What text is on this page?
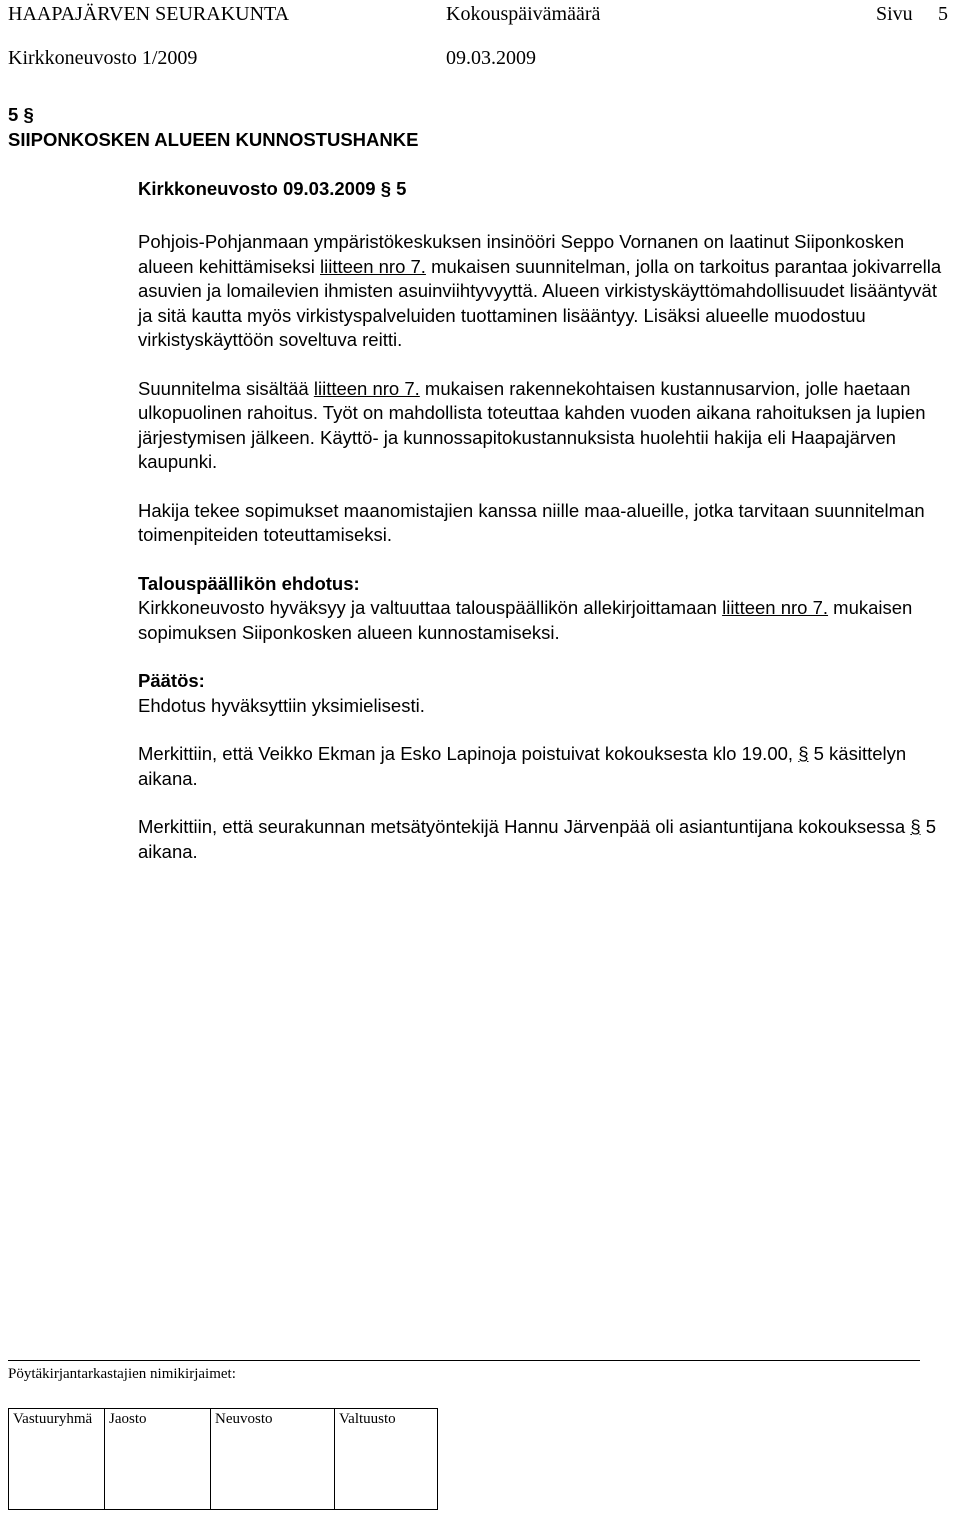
HAAPAJÄRVEN SEURAKUNTA	Kokouspäivämäärä	Sivu 5
Kirkkoneuvosto 1/2009	09.03.2009
5 §
SIIPONKOSKEN ALUEEN KUNNOSTUSHANKE
Kirkkoneuvosto 09.03.2009 § 5

Pohjois-Pohjanmaan ympäristökeskuksen insinööri Seppo Vornanen on laatinut Siiponkosken alueen kehittämiseksi liitteen nro 7. mukaisen suunnitelman, jolla on tarkoitus parantaa jokivarrella asuvien ja lomailevien ihmisten asuinviihtyvyyttä. Alueen virkistyskäyttömahdollisuudet lisääntyvät ja sitä kautta myös virkistyspalveluiden tuottaminen lisääntyy. Lisäksi alueelle muodostuu virkistyskäyttöön soveltuva reitti.

Suunnitelma sisältää liitteen nro 7. mukaisen rakennekohtaisen kustannusarvion, jolle haetaan ulkopuolinen rahoitus. Työt on mahdollista toteuttaa kahden vuoden aikana rahoituksen ja lupien järjestymisen jälkeen. Käyttö- ja kunnossapitokustannuksista huolehtii hakija eli Haapajärven kaupunki.

Hakija tekee sopimukset maanomistajien kanssa niille maa-alueille, jotka tarvitaan suunnitelman toimenpiteiden toteuttamiseksi.

Talouspäällikön ehdotus:

Kirkkoneuvosto hyväksyy ja valtuuttaa talouspäällikön allekirjoittamaan liitteen nro 7. mukaisen sopimuksen Siiponkosken alueen kunnostamiseksi.

Päätös:

Ehdotus hyväksyttiin yksimielisesti.

Merkittiin, että Veikko Ekman ja Esko Lapinoja poistuivat kokouksesta klo 19.00, § 5 käsittelyn aikana.

Merkittiin, että seurakunnan metsätyöntekijä Hannu Järvenpää oli asiantuntijana kokouksessa § 5 aikana.

Pöytäkirjantarkastajien nimikirjaimet:
Vastuuryhmä	Jaosto	Neuvosto	Valtuusto
